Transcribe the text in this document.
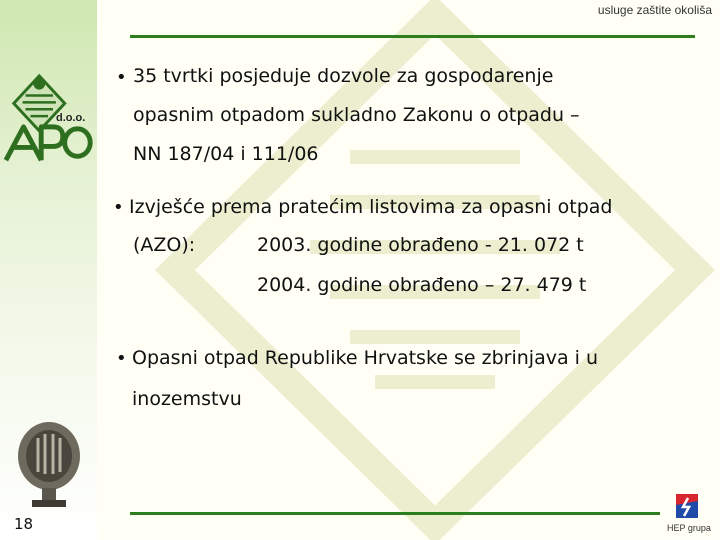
usluge zaštite okoliša
d.o.o.
• 35 tvrtki posjeduje dozvole za gospodarenje
opasnim otpadom sukladno Zakonu o otpadu –
NN 187/04 i 111/06
• Izvješće prema pratećim listovima za opasni otpad
(AZO):	2003. godine obrađeno - 21. 072 t
2004. godine obrađeno – 27. 479 t
• Opasni otpad Republike Hrvatske se zbrinjava i u
inozemstvu
18	HEP grupa
